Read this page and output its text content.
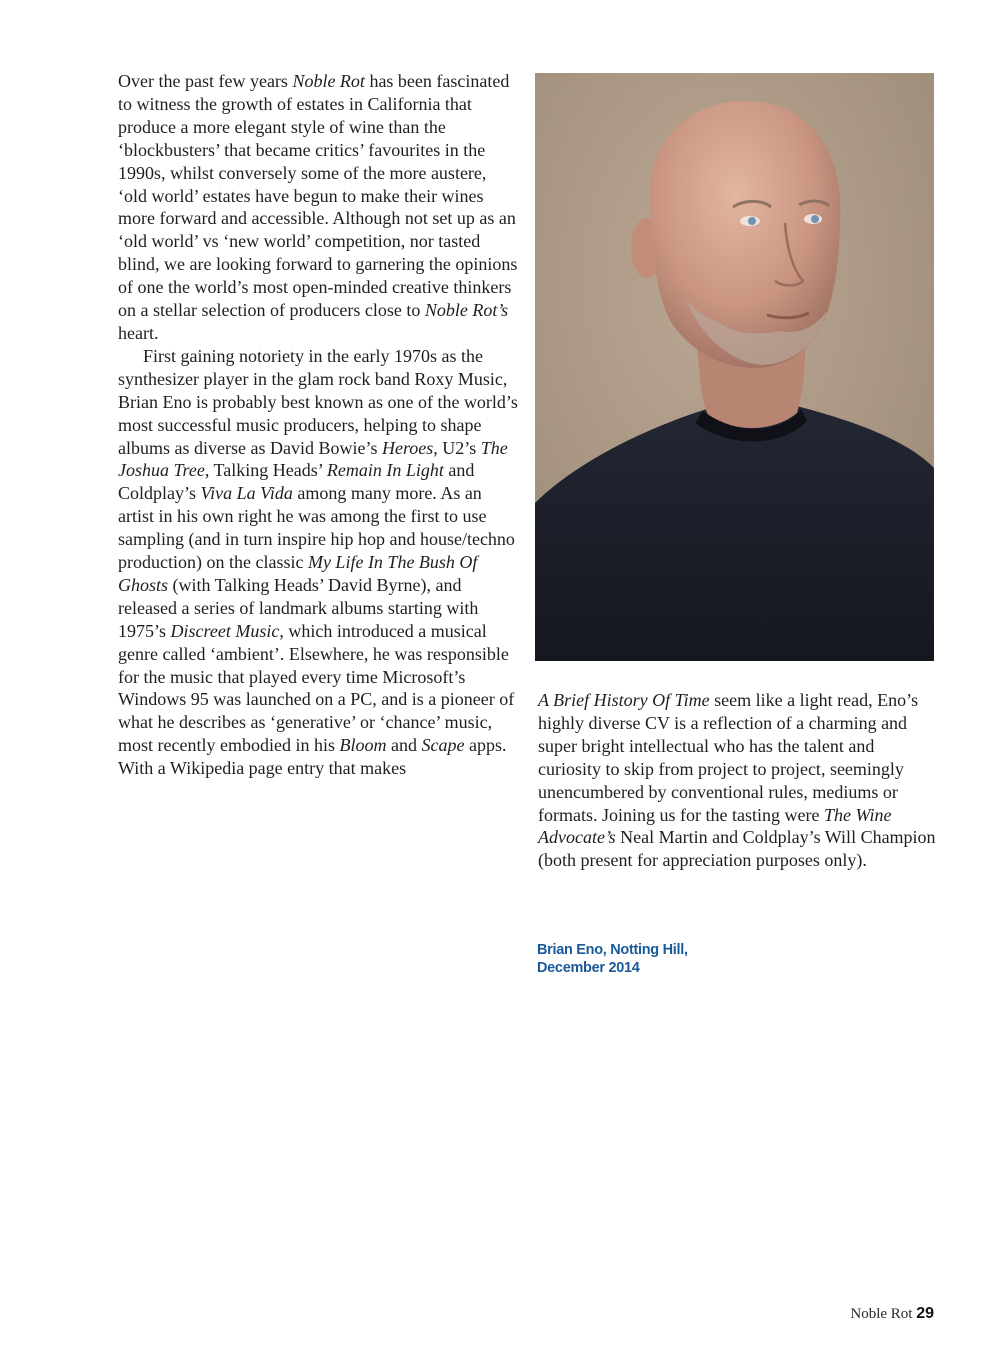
Over the past few years Noble Rot has been fascinated to witness the growth of estates in California that produce a more elegant style of wine than the ‘blockbusters’ that became critics’ favourites in the 1990s, whilst conversely some of the more austere, ‘old world’ estates have begun to make their wines more forward and accessible. Although not set up as an ‘old world’ vs ‘new world’ competition, nor tasted blind, we are looking forward to garnering the opinions of one the world’s most open-minded creative thinkers on a stellar selection of producers close to Noble Rot’s heart.

First gaining notoriety in the early 1970s as the synthesizer player in the glam rock band Roxy Music, Brian Eno is probably best known as one of the world’s most successful music producers, helping to shape albums as diverse as David Bowie’s Heroes, U2’s The Joshua Tree, Talking Heads’ Remain In Light and Coldplay’s Viva La Vida among many more. As an artist in his own right he was among the first to use sampling (and in turn inspire hip hop and house/techno production) on the classic My Life In The Bush Of Ghosts (with Talking Heads’ David Byrne), and released a series of landmark albums starting with 1975’s Discreet Music, which introduced a musical genre called ‘ambient’. Elsewhere, he was responsible for the music that played every time Microsoft’s Windows 95 was launched on a PC, and is a pioneer of what he describes as ‘generative’ or ‘chance’ music, most recently embodied in his Bloom and Scape apps. With a Wikipedia page entry that makes

A Brief History Of Time seem like a light read, Eno’s highly diverse CV is a reflection of a charming and super bright intellectual who has the talent and curiosity to skip from project to project, seemingly unencumbered by conventional rules, mediums or formats. Joining us for the tasting were The Wine Advocate’s Neal Martin and Coldplay’s Will Champion (both present for appreciation purposes only).

Brian Eno, Notting Hill,
December 2014
Noble Rot 29
